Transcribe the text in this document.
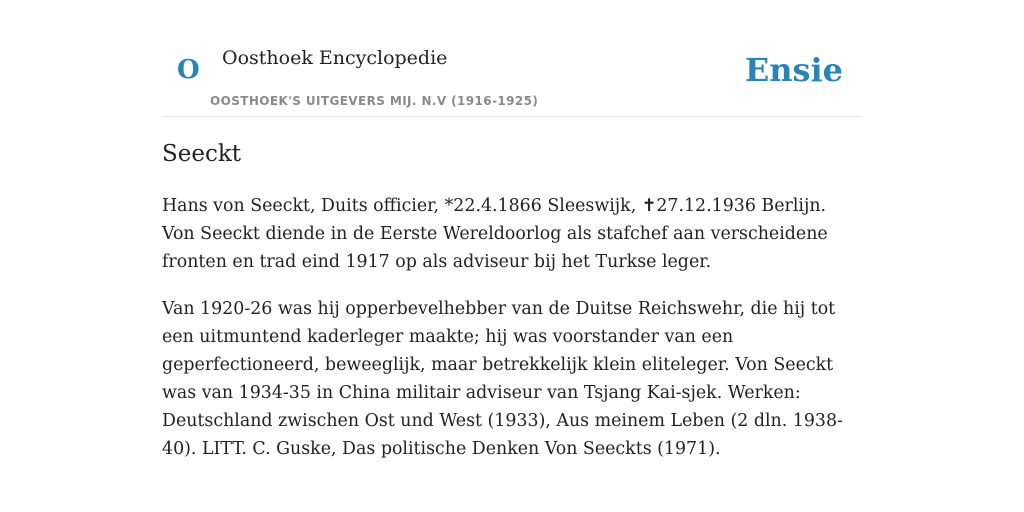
O Oosthoek Encyclopedie
OOSTHOEK'S UITGEVERS MIJ. N.V (1916-1925)
Ensie
Seeckt

Hans von Seeckt, Duits officier, *22.4.1866 Sleeswijk, ✝27.12.1936 Berlijn. Von Seeckt diende in de Eerste Wereldoorlog als stafchef aan verscheidene fronten en trad eind 1917 op als adviseur bij het Turkse leger.

Van 1920-26 was hij opperbevelhebber van de Duitse Reichswehr, die hij tot een uitmuntend kaderleger maakte; hij was voorstander van een geperfectioneerd, beweeglijk, maar betrekkelijk klein eliteleger. Von Seeckt was van 1934-35 in China militair adviseur van Tsjang Kai-sjek. Werken: Deutschland zwischen Ost und West (1933), Aus meinem Leben (2 dln. 1938-40). LITT. C. Guske, Das politische Denken Von Seeckts (1971).
